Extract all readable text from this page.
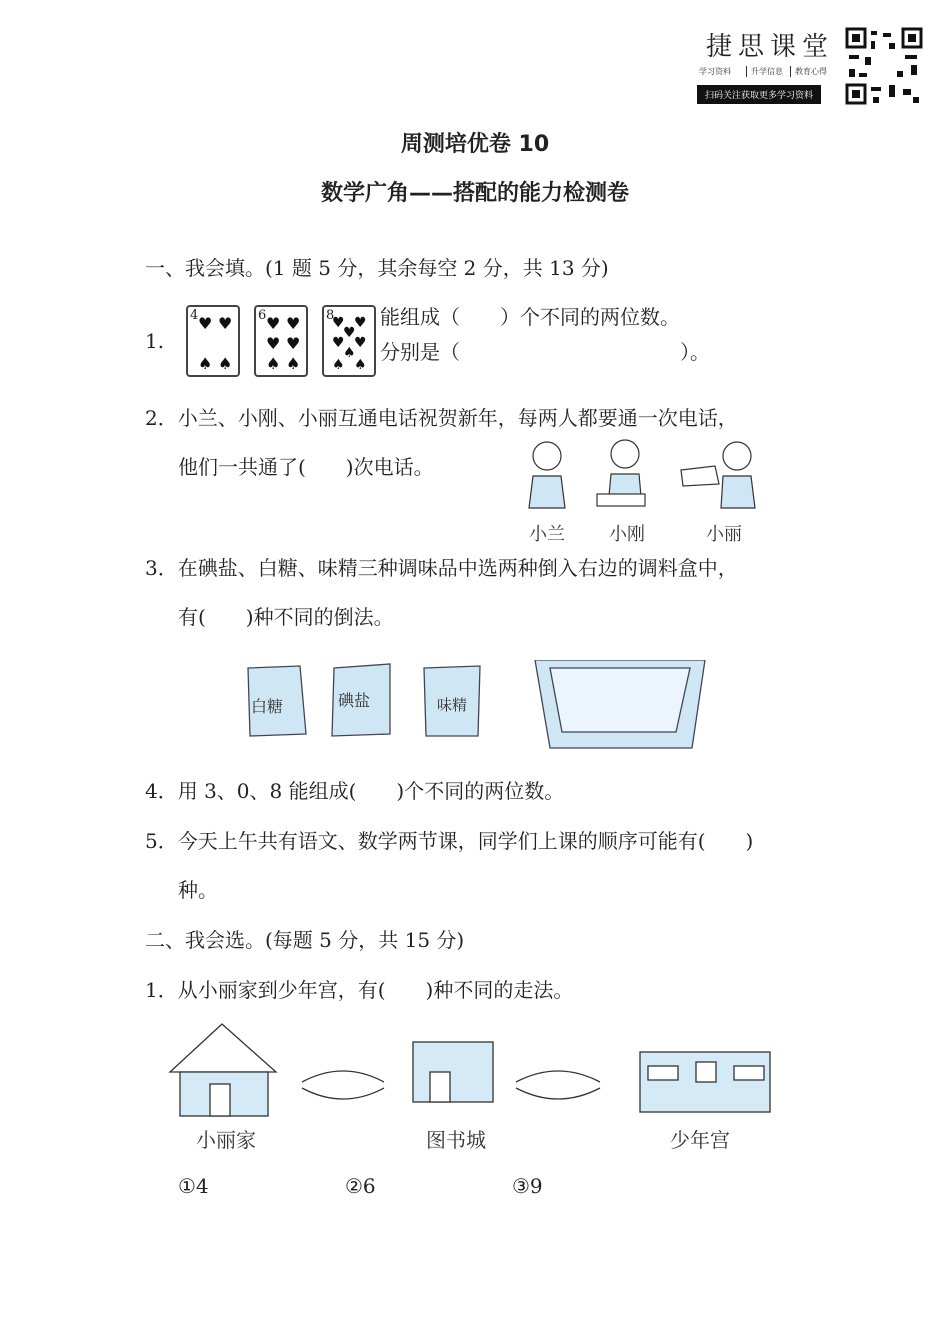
捷思课堂
学习资料	升学信息	教育心得
扫码关注获取更多学习资料
周测培优卷 10
数学广角——搭配的能力检测卷
一、我会填。(1 题 5 分，其余每空 2 分，共 13 分)
1.
4 ♥ ♥
♠ ♠
6 ♥ ♥
♥ ♥
♠ ♠
8
♥ ♥
♥
♥ ♥
♠
♠ ♠
能组成（　　）个不同的两位数。
分别是（　　　　　　　　　　　）。
2．小兰、小刚、小丽互通电话祝贺新年，每两人都要通一次电话，
他们一共通了(　　)次电话。
小兰 小刚	小丽
3．在碘盐、白糖、味精三种调味品中选两种倒入右边的调料盒中，
有(　　)种不同的倒法。
白糖	碘盐	味精
4．用 3、0、8 能组成(　　)个不同的两位数。
5．今天上午共有语文、数学两节课，同学们上课的顺序可能有(　　)
种。
二、我会选。(每题 5 分，共 15 分)
1．从小丽家到少年宫，有(　　)种不同的走法。
小丽家	图书城	少年宫
①4	②6	③9
